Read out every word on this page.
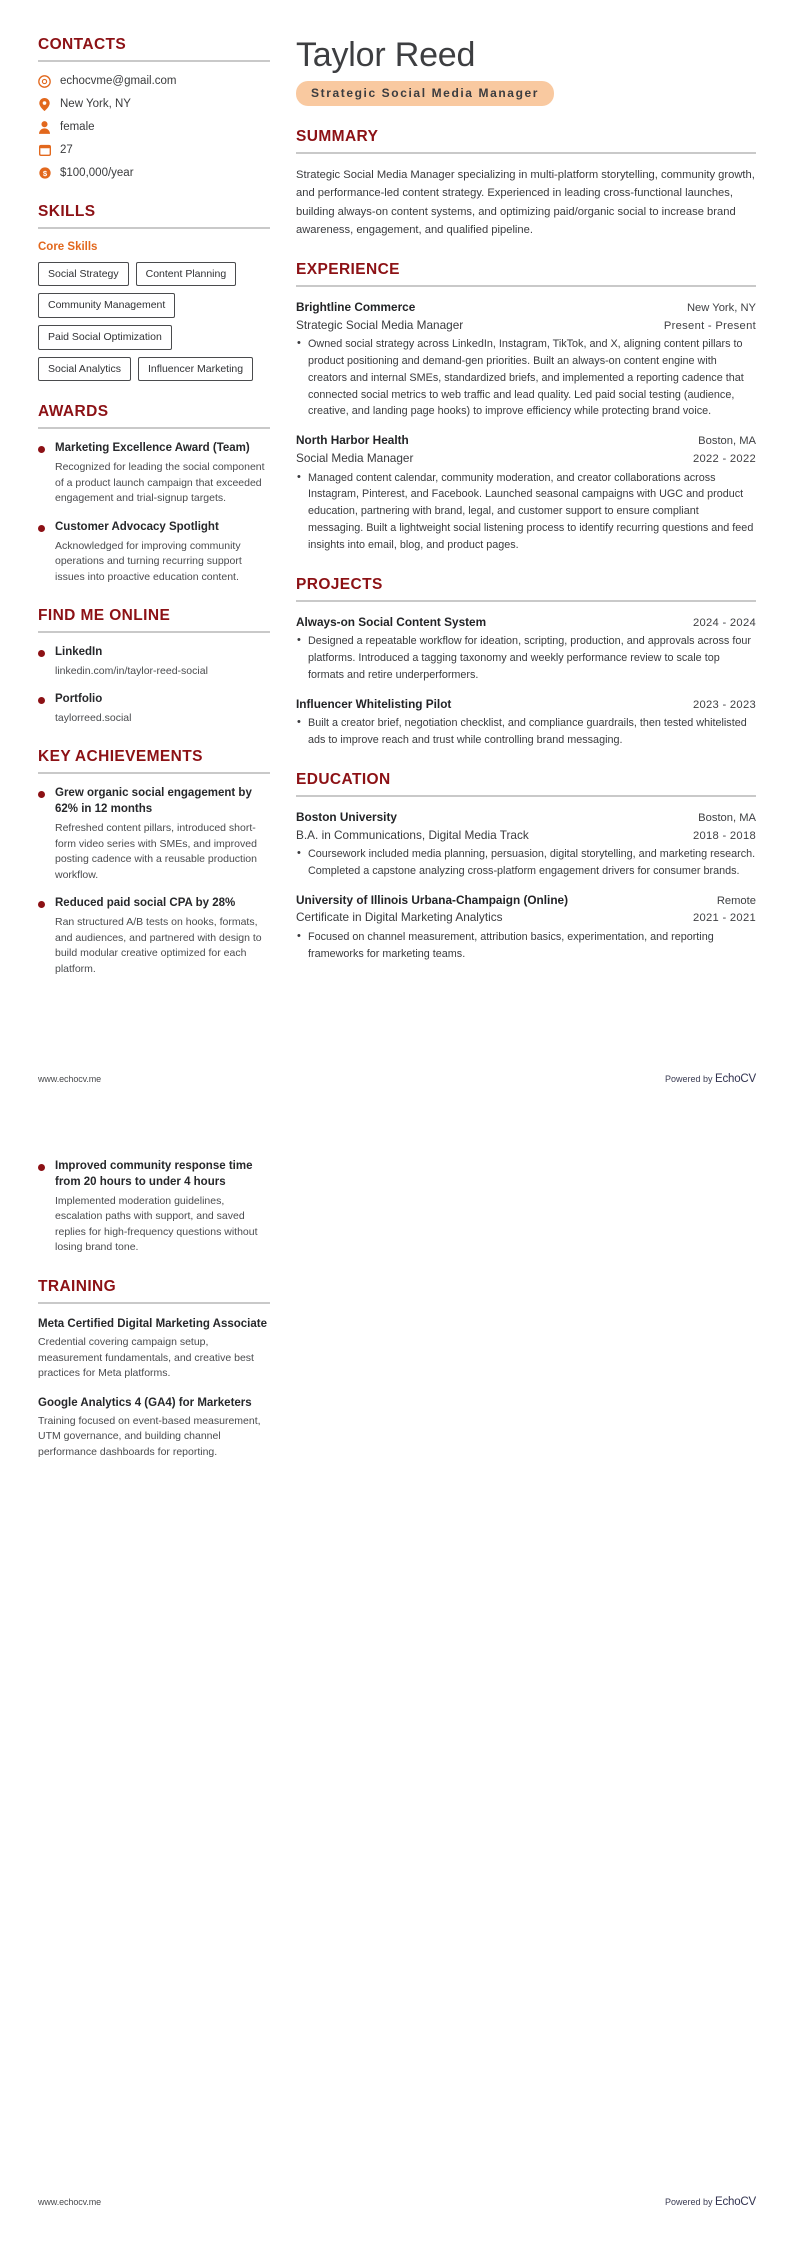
CONTACTS
echocvme@gmail.com
New York, NY
female
27
$ $100,000/year
SKILLS
Core Skills
Social Strategy	Content Planning
Community Management
Paid Social Optimization
Social Analytics	Influencer Marketing
AWARDS
Marketing Excellence Award (Team)
Recognized for leading the social component of a product launch campaign that exceeded engagement and trial-signup targets.
Customer Advocacy Spotlight
Acknowledged for improving community operations and turning recurring support issues into proactive education content.
FIND ME ONLINE
LinkedIn
linkedin.com/in/taylor-reed-social
Portfolio
taylorreed.social
KEY ACHIEVEMENTS
Grew organic social engagement by 62% in 12 months
Refreshed content pillars, introduced short-form video series with SMEs, and improved posting cadence with a reusable production workflow.
Reduced paid social CPA by 28%
Ran structured A/B tests on hooks, formats, and audiences, and partnered with design to build modular creative optimized for each platform.
Taylor Reed
Strategic Social Media Manager
SUMMARY
Strategic Social Media Manager specializing in multi-platform storytelling, community growth, and performance-led content strategy. Experienced in leading cross-functional launches, building always-on content systems, and optimizing paid/organic social to increase brand awareness, engagement, and qualified pipeline.
EXPERIENCE
Brightline Commerce	New York, NY
Strategic Social Media Manager	Present - Present
• Owned social strategy across LinkedIn, Instagram, TikTok, and X, aligning content pillars to product positioning and demand-gen priorities. Built an always-on content engine with creators and internal SMEs, standardized briefs, and implemented a reporting cadence that connected social metrics to web traffic and lead quality. Led paid social testing (audience, creative, and landing page hooks) to improve efficiency while protecting brand voice.
North Harbor Health	Boston, MA
Social Media Manager	2022 - 2022
• Managed content calendar, community moderation, and creator collaborations across Instagram, Pinterest, and Facebook. Launched seasonal campaigns with UGC and product education, partnering with brand, legal, and customer support to ensure compliant messaging. Built a lightweight social listening process to identify recurring questions and feed insights into email, blog, and product pages.
PROJECTS
Always-on Social Content System	2024 - 2024
• Designed a repeatable workflow for ideation, scripting, production, and approvals across four platforms. Introduced a tagging taxonomy and weekly performance review to scale top formats and retire underperformers.
Influencer Whitelisting Pilot	2023 - 2023
• Built a creator brief, negotiation checklist, and compliance guardrails, then tested whitelisted ads to improve reach and trust while controlling brand messaging.
EDUCATION
Boston University	Boston, MA
B.A. in Communications, Digital Media Track	2018 - 2018
• Coursework included media planning, persuasion, digital storytelling, and marketing research. Completed a capstone analyzing cross-platform engagement drivers for consumer brands.
University of Illinois Urbana-Champaign (Online)	Remote
Certificate in Digital Marketing Analytics	2021 - 2021
• Focused on channel measurement, attribution basics, experimentation, and reporting frameworks for marketing teams.
www.echocv.me	Powered by EchoCV
Improved community response time from 20 hours to under 4 hours
Implemented moderation guidelines, escalation paths with support, and saved replies for high-frequency questions without losing brand tone.
TRAINING
Meta Certified Digital Marketing Associate
Credential covering campaign setup, measurement fundamentals, and creative best practices for Meta platforms.
Google Analytics 4 (GA4) for Marketers
Training focused on event-based measurement, UTM governance, and building channel performance dashboards for reporting.
www.echocv.me	Powered by EchoCV
